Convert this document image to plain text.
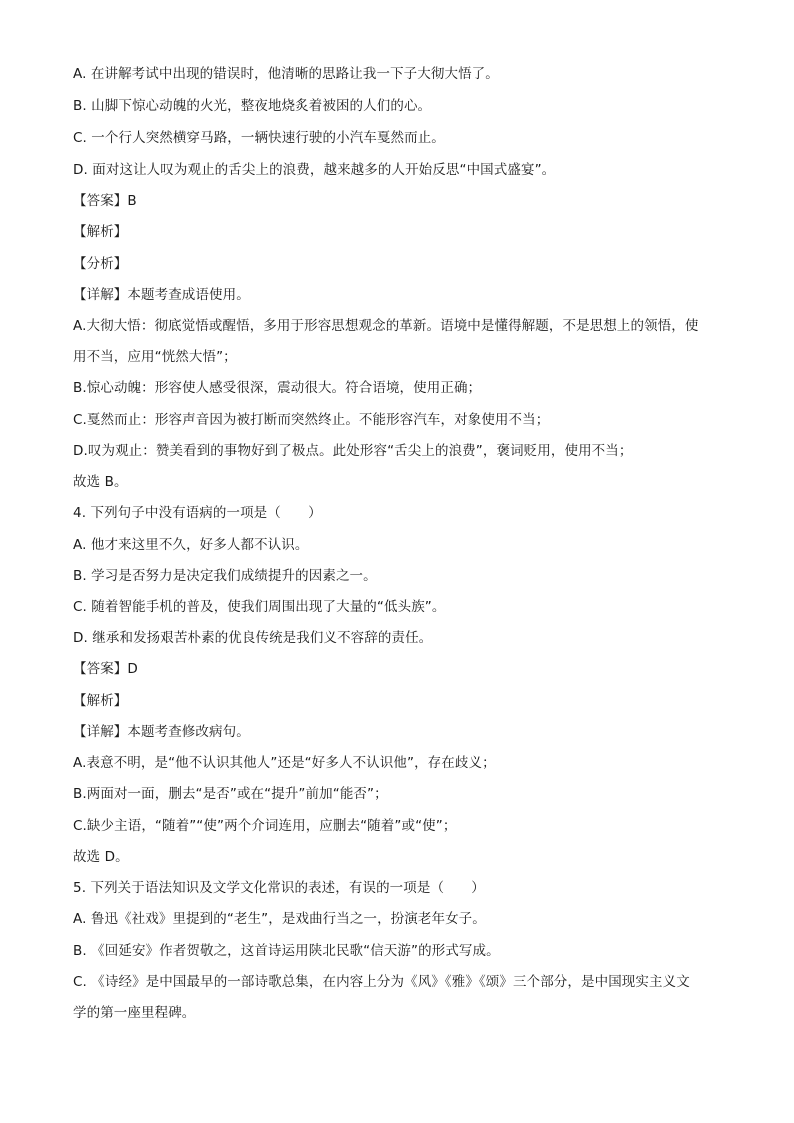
A. 在讲解考试中出现的错误时，他清晰的思路让我一下子大彻大悟了。
B. 山脚下惊心动魄的火光，整夜地烧炙着被困的人们的心。
C. 一个行人突然横穿马路，一辆快速行驶的小汽车戛然而止。
D. 面对这让人叹为观止的舌尖上的浪费，越来越多的人开始反思“中国式盛宴”。
【答案】B
【解析】
【分析】
【详解】本题考查成语使用。
A.大彻大悟：彻底觉悟或醒悟，多用于形容思想观念的革新。语境中是懂得解题，不是思想上的领悟，使
用不当，应用“恍然大悟”；
B.惊心动魄：形容使人感受很深，震动很大。符合语境，使用正确；
C.戛然而止：形容声音因为被打断而突然终止。不能形容汽车，对象使用不当；
D.叹为观止：赞美看到的事物好到了极点。此处形容“舌尖上的浪费”，褒词贬用，使用不当；
故选 B。
4. 下列句子中没有语病的一项是（　　）
A. 他才来这里不久，好多人都不认识。
B. 学习是否努力是决定我们成绩提升的因素之一。
C. 随着智能手机的普及，使我们周围出现了大量的“低头族”。
D. 继承和发扬艰苦朴素的优良传统是我们义不容辞的责任。
【答案】D
【解析】
【详解】本题考查修改病句。
A.表意不明，是“他不认识其他人”还是“好多人不认识他”，存在歧义；
B.两面对一面，删去“是否”或在“提升”前加“能否”；
C.缺少主语，“随着”“使”两个介词连用，应删去“随着”或“使”；
故选 D。
5. 下列关于语法知识及文学文化常识的表述，有误的一项是（　　）
A. 鲁迅《社戏》里提到的“老生”，是戏曲行当之一，扮演老年女子。
B. 《回延安》作者贺敬之，这首诗运用陕北民歌“信天游”的形式写成。
C. 《诗经》是中国最早的一部诗歌总集，在内容上分为《风》《雅》《颂》三个部分，是中国现实主义文
学的第一座里程碑。
